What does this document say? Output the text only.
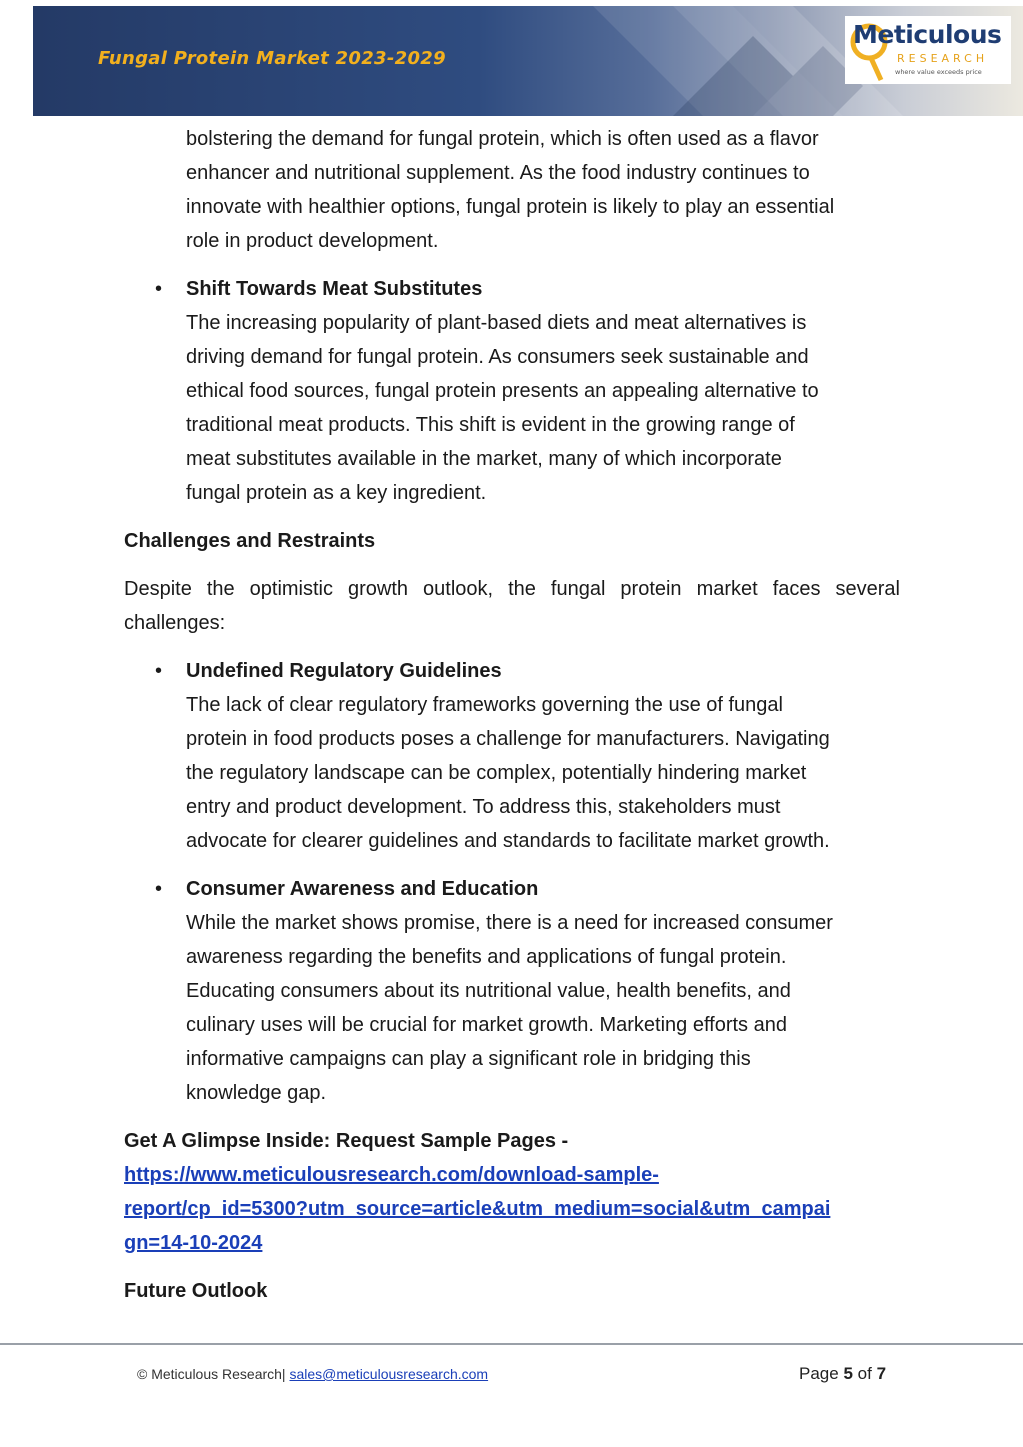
Fungal Protein Market 2023-2029
Meticulous
RESEARCH
where value exceeds price
bolstering the demand for fungal protein, which is often used as a flavor
enhancer and nutritional supplement. As the food industry continues to
innovate with healthier options, fungal protein is likely to play an essential
role in product development.
• Shift Towards Meat Substitutes
The increasing popularity of plant-based diets and meat alternatives is
driving demand for fungal protein. As consumers seek sustainable and
ethical food sources, fungal protein presents an appealing alternative to
traditional meat products. This shift is evident in the growing range of
meat substitutes available in the market, many of which incorporate
fungal protein as a key ingredient.
Challenges and Restraints
Despite the optimistic growth outlook, the fungal protein market faces several challenges:
• Undefined Regulatory Guidelines
The lack of clear regulatory frameworks governing the use of fungal
protein in food products poses a challenge for manufacturers. Navigating
the regulatory landscape can be complex, potentially hindering market
entry and product development. To address this, stakeholders must
advocate for clearer guidelines and standards to facilitate market growth.
• Consumer Awareness and Education
While the market shows promise, there is a need for increased consumer
awareness regarding the benefits and applications of fungal protein.
Educating consumers about its nutritional value, health benefits, and
culinary uses will be crucial for market growth. Marketing efforts and
informative campaigns can play a significant role in bridging this
knowledge gap.
Get A Glimpse Inside: Request Sample Pages -
https://www.meticulousresearch.com/download-sample-
report/cp_id=5300?utm_source=article&utm_medium=social&utm_campai
gn=14-10-2024
Future Outlook
© Meticulous Research| sales@meticulousresearch.com	Page 5 of 7
